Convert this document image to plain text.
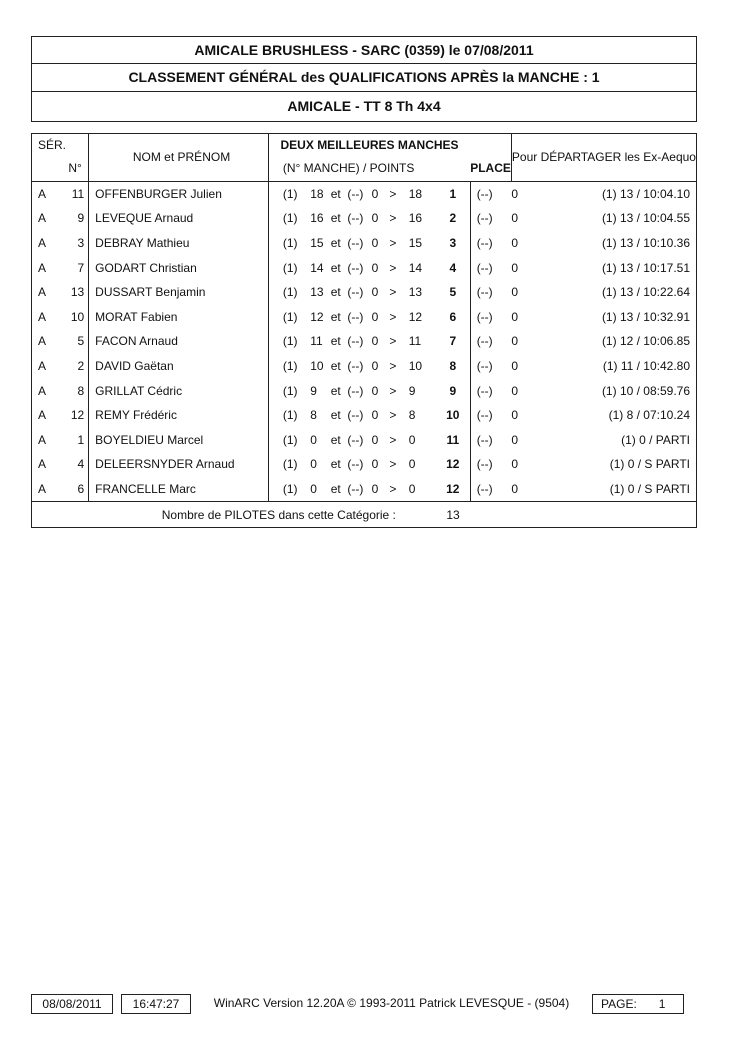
AMICALE BRUSHLESS - SARC (0359) le 07/08/2011
CLASSEMENT GÉNÉRAL des QUALIFICATIONS APRÈS la MANCHE : 1
AMICALE - TT 8 Th 4x4
SÉR.		NOM et PRÉNOM	DEUX MEILLEURES MANCHES									Pour DÉPARTAGER les Ex-Aequo	
	N°		(N° MANCHE) / POINTS								PLACE		
A	11	OFFENBURGER Julien	(1)	18	et	(--)	0	>	18	1	(--)	0	(1) 13 / 10:04.10
A	9	LEVEQUE Arnaud	(1)	16	et	(--)	0	>	16	2	(--)	0	(1) 13 / 10:04.55
A	3	DEBRAY Mathieu	(1)	15	et	(--)	0	>	15	3	(--)	0	(1) 13 / 10:10.36
A	7	GODART Christian	(1)	14	et	(--)	0	>	14	4	(--)	0	(1) 13 / 10:17.51
A	13	DUSSART Benjamin	(1)	13	et	(--)	0	>	13	5	(--)	0	(1) 13 / 10:22.64
A	10	MORAT Fabien	(1)	12	et	(--)	0	>	12	6	(--)	0	(1) 13 / 10:32.91
A	5	FACON Arnaud	(1)	11	et	(--)	0	>	11	7	(--)	0	(1) 12 / 10:06.85
A	2	DAVID Gaëtan	(1)	10	et	(--)	0	>	10	8	(--)	0	(1) 11 / 10:42.80
A	8	GRILLAT Cédric	(1)	9	et	(--)	0	>	9	9	(--)	0	(1) 10 / 08:59.76
A	12	REMY Frédéric	(1)	8	et	(--)	0	>	8	10	(--)	0	(1) 8 / 07:10.24
A	1	BOYELDIEU Marcel	(1)	0	et	(--)	0	>	0	11	(--)	0	(1) 0 / PARTI
A	4	DELEERSNYDER Arnaud	(1)	0	et	(--)	0	>	0	12	(--)	0	(1) 0 / S PARTI
A	6	FRANCELLE Marc	(1)	0	et	(--)	0	>	0	12	(--)	0	(1) 0 / S PARTI
Nombre de PILOTES dans cette Catégorie :										13			
08/08/2011	16:47:27	WinARC Version 12.20A © 1993-2011 Patrick LEVESQUE - (9504)	PAGE: 1
